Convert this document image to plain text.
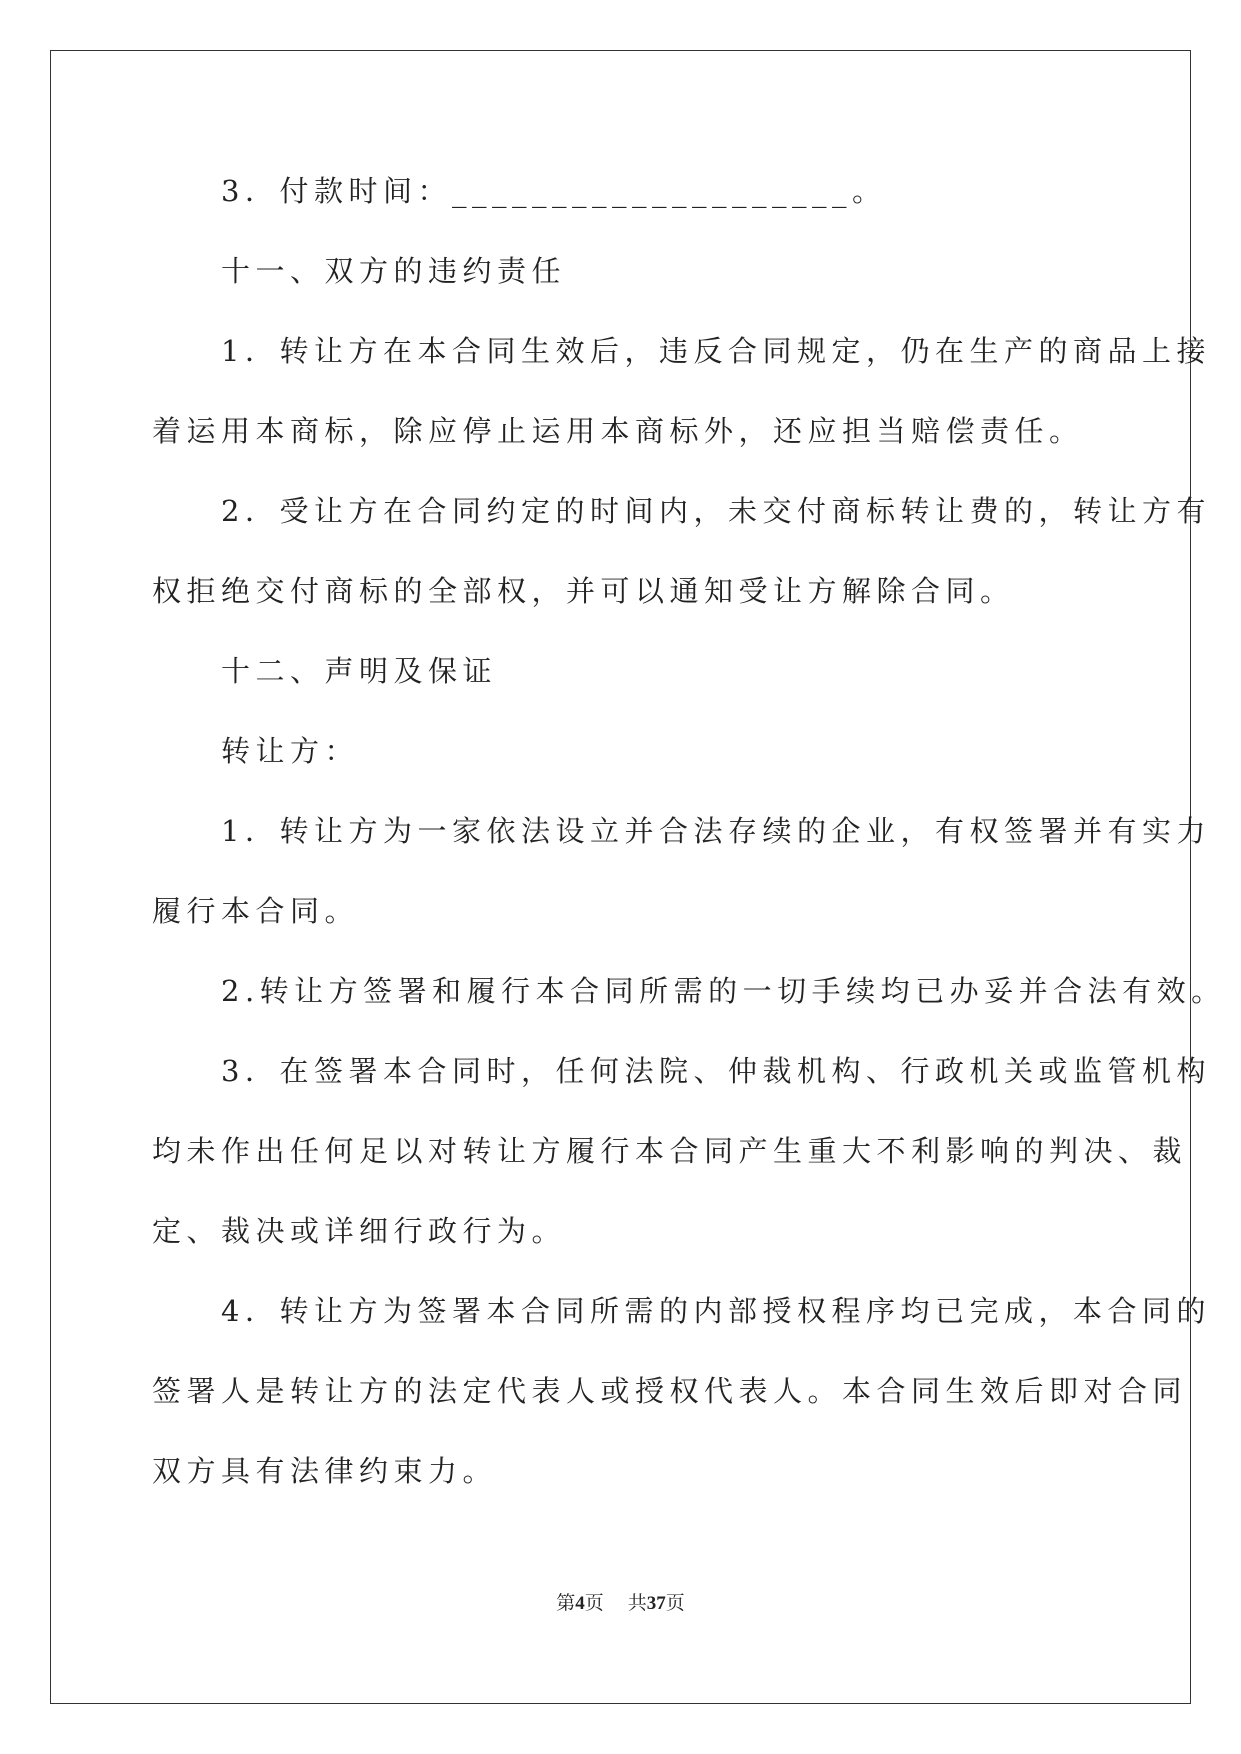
　　3．付款时间：____________________。

　　十一、双方的违约责任

　　1．转让方在本合同生效后，违反合同规定，仍在生产的商品上接

着运用本商标，除应停止运用本商标外，还应担当赔偿责任。

　　2．受让方在合同约定的时间内，未交付商标转让费的，转让方有

权拒绝交付商标的全部权，并可以通知受让方解除合同。

　　十二、声明及保证

　　转让方：

　　1．转让方为一家依法设立并合法存续的企业，有权签署并有实力

履行本合同。

　　2.转让方签署和履行本合同所需的一切手续均已办妥并合法有效。

　　3．在签署本合同时，任何法院、仲裁机构、行政机关或监管机构

均未作出任何足以对转让方履行本合同产生重大不利影响的判决、裁

定、裁决或详细行政行为。

　　4．转让方为签署本合同所需的内部授权程序均已完成，本合同的

签署人是转让方的法定代表人或授权代表人。本合同生效后即对合同

双方具有法律约束力。

第4页 共37页
